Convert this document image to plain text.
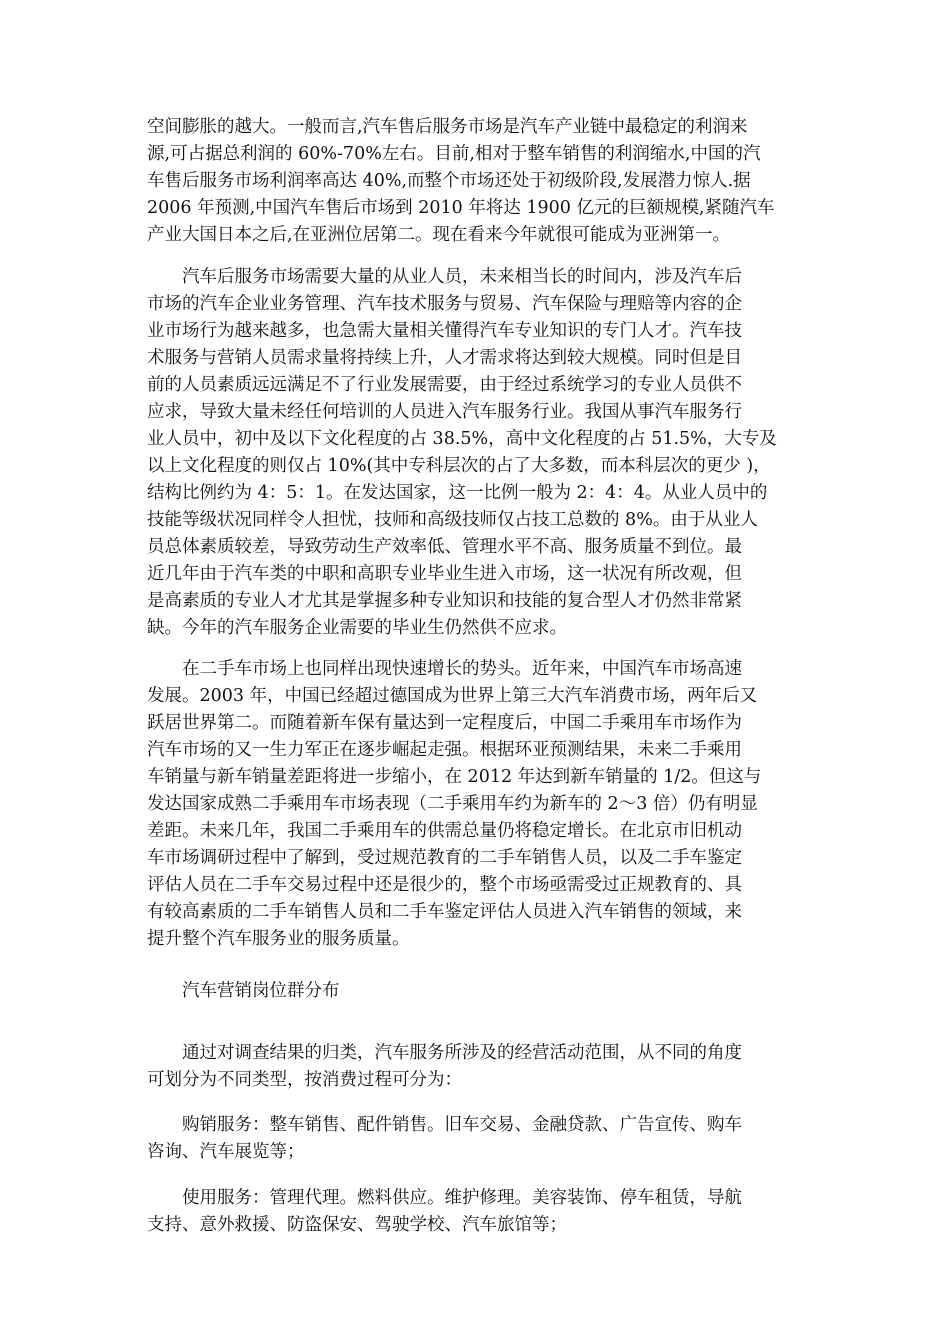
空间膨胀的越大。一般而言,汽车售后服务市场是汽车产业链中最稳定的利润来
源,可占据总利润的 60%-70%左右。目前,相对于整车销售的利润缩水,中国的汽
车售后服务市场利润率高达 40%,而整个市场还处于初级阶段,发展潜力惊人.据
2006 年预测,中国汽车售后市场到 2010 年将达 1900 亿元的巨额规模,紧随汽车
产业大国日本之后,在亚洲位居第二。现在看来今年就很可能成为亚洲第一。
　　汽车后服务市场需要大量的从业人员，未来相当长的时间内，涉及汽车后
市场的汽车企业业务管理、汽车技术服务与贸易、汽车保险与理赔等内容的企
业市场行为越来越多，也急需大量相关懂得汽车专业知识的专门人才。汽车技
术服务与营销人员需求量将持续上升，人才需求将达到较大规模。同时但是目
前的人员素质远远满足不了行业发展需要，由于经过系统学习的专业人员供不
应求，导致大量未经任何培训的人员进入汽车服务行业。我国从事汽车服务行
业人员中，初中及以下文化程度的占 38.5%，高中文化程度的占 51.5%，大专及
以上文化程度的则仅占 10%(其中专科层次的占了大多数，而本科层次的更少 )，
结构比例约为 4：5：1。在发达国家，这一比例一般为 2：4：4。从业人员中的
技能等级状况同样令人担忧，技师和高级技师仅占技工总数的 8%。由于从业人
员总体素质较差，导致劳动生产效率低、管理水平不高、服务质量不到位。最
近几年由于汽车类的中职和高职专业毕业生进入市场，这一状况有所改观，但
是高素质的专业人才尤其是掌握多种专业知识和技能的复合型人才仍然非常紧
缺。今年的汽车服务企业需要的毕业生仍然供不应求。
　　在二手车市场上也同样出现快速增长的势头。近年来，中国汽车市场高速
发展。2003 年，中国已经超过德国成为世界上第三大汽车消费市场，两年后又
跃居世界第二。而随着新车保有量达到一定程度后，中国二手乘用车市场作为
汽车市场的又一生力军正在逐步崛起走强。根据环亚预测结果，未来二手乘用
车销量与新车销量差距将进一步缩小，在 2012 年达到新车销量的 1/2。但这与
发达国家成熟二手乘用车市场表现（二手乘用车约为新车的 2～3 倍）仍有明显
差距。未来几年，我国二手乘用车的供需总量仍将稳定增长。在北京市旧机动
车市场调研过程中了解到，受过规范教育的二手车销售人员，以及二手车鉴定
评估人员在二手车交易过程中还是很少的，整个市场亟需受过正规教育的、具
有较高素质的二手车销售人员和二手车鉴定评估人员进入汽车销售的领域，来
提升整个汽车服务业的服务质量。
　　汽车营销岗位群分布
　　通过对调查结果的归类，汽车服务所涉及的经营活动范围，从不同的角度
可划分为不同类型，按消费过程可分为：
　　购销服务：整车销售、配件销售。旧车交易、金融贷款、广告宣传、购车
咨询、汽车展览等；
　　使用服务：管理代理。燃料供应。维护修理。美容装饰、停车租赁，导航
支持、意外救援、防盗保安、驾驶学校、汽车旅馆等；
